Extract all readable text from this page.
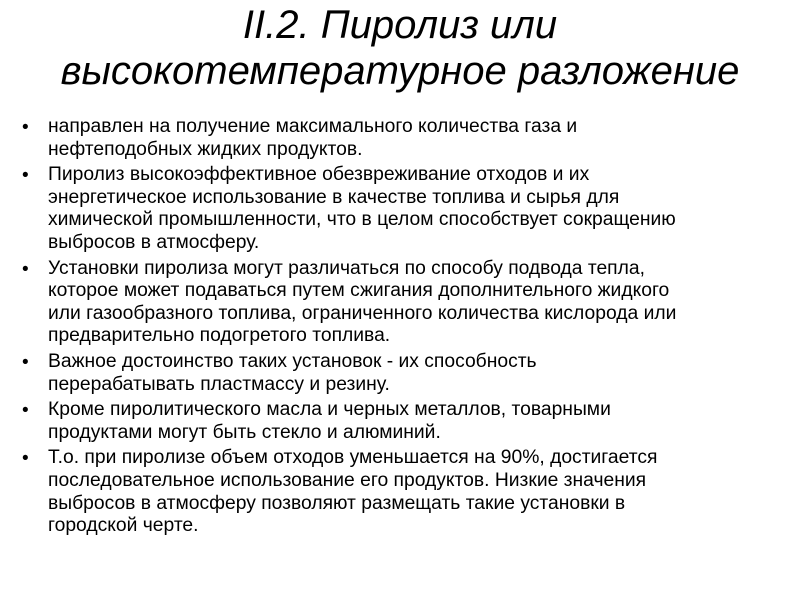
II.2. Пиролиз или
высокотемпературное разложение
• направлен на получение максимального количества газа и
нефтеподобных жидких продуктов.
• Пиролиз высокоэффективное обезвреживание отходов и их
энергетическое использование в качестве топлива и сырья для
химической промышленности, что в целом способствует сокращению
выбросов в атмосферу.
• Установки пиролиза могут различаться по способу подвода тепла,
которое может подаваться путем сжигания дополнительного жидкого
или газообразного топлива, ограниченного количества кислорода или
предварительно подогретого топлива.
• Важное достоинство таких установок - их способность
перерабатывать пластмассу и резину.
• Кроме пиролитического масла и черных металлов, товарными
продуктами могут быть стекло и алюминий.
• Т.о. при пиролизе объем отходов уменьшается на 90%, достигается
последовательное использование его продуктов. Низкие значения
выбросов в атмосферу позволяют размещать такие установки в
городской черте.
